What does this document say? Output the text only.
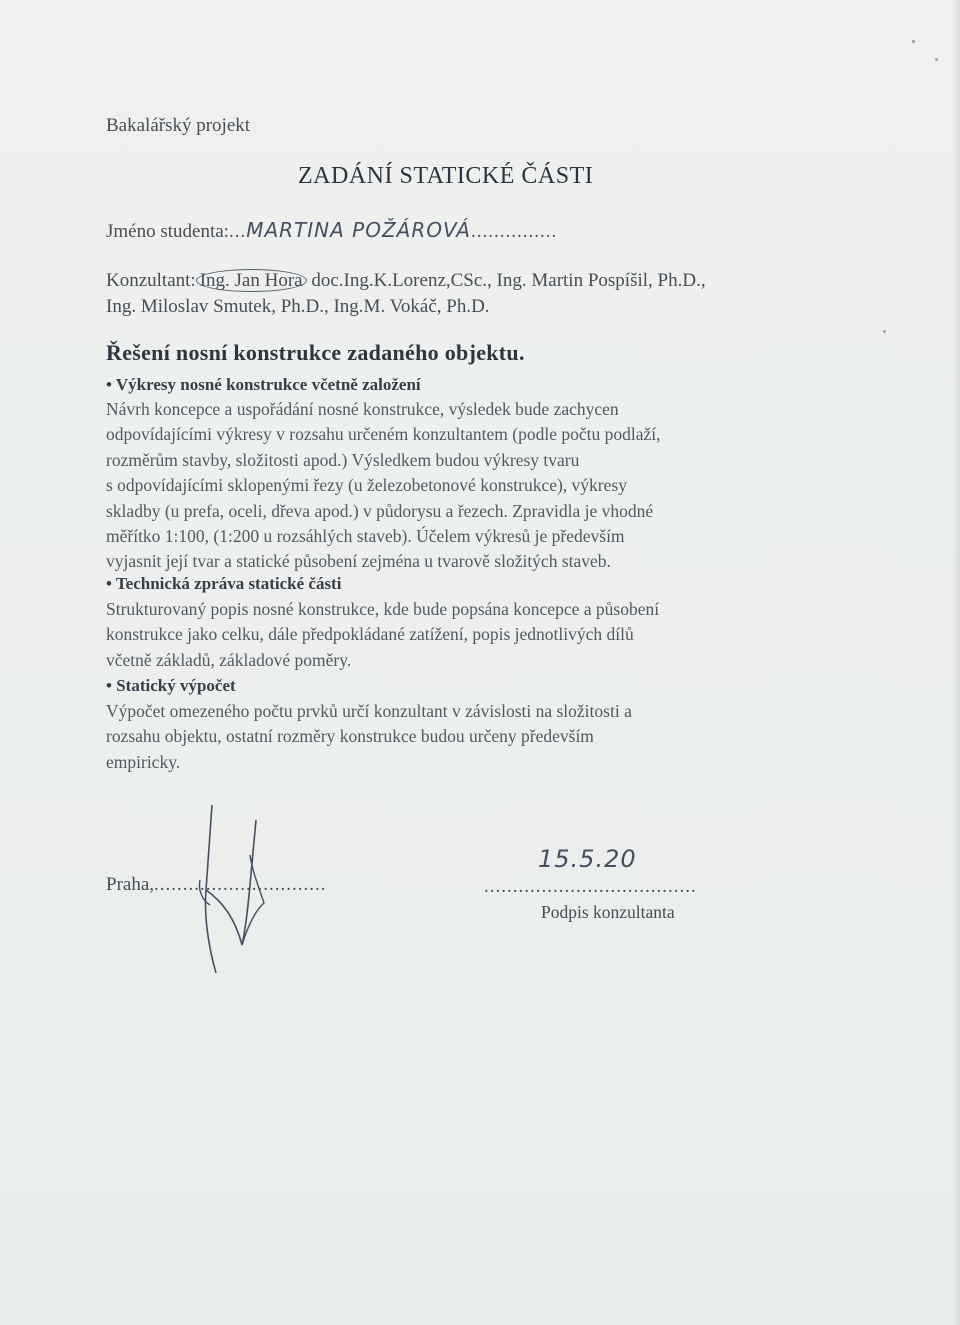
Bakalářský projekt
ZADÁNÍ STATICKÉ ČÁSTI
Jméno studenta:...MARTINA POŽÁROVÁ...............
Konzultant: Ing. Jan Hora doc.Ing.K.Lorenz,CSc., Ing. Martin Pospíšil, Ph.D.,
Ing. Miloslav Smutek, Ph.D., Ing.M. Vokáč, Ph.D.
Řešení nosní konstrukce zadaného objektu.
• Výkresy nosné konstrukce včetně založení
Návrh koncepce a uspořádání nosné konstrukce, výsledek bude zachycen
odpovídajícími výkresy v rozsahu určeném konzultantem (podle počtu podlaží,
rozměrům stavby, složitosti apod.) Výsledkem budou výkresy tvaru
s odpovídajícími sklopenými řezy (u železobetonové konstrukce), výkresy
skladby (u prefa, oceli, dřeva apod.) v půdorysu a řezech. Zpravidla je vhodné
měřítko 1:100, (1:200 u rozsáhlých staveb). Účelem výkresů je především
vyjasnit její tvar a statické působení zejména u tvarově složitých staveb.
• Technická zpráva statické části
Strukturovaný popis nosné konstrukce, kde bude popsána koncepce a působení
konstrukce jako celku, dále předpokládané zatížení, popis jednotlivých dílů
včetně základů, základové poměry.
• Statický výpočet
Výpočet omezeného počtu prvků určí konzultant v závislosti na složitosti a
rozsahu objektu, ostatní rozměry konstrukce budou určeny především
empiricky.
Praha,..............................
15.5.20
.....................................
Podpis konzultanta
